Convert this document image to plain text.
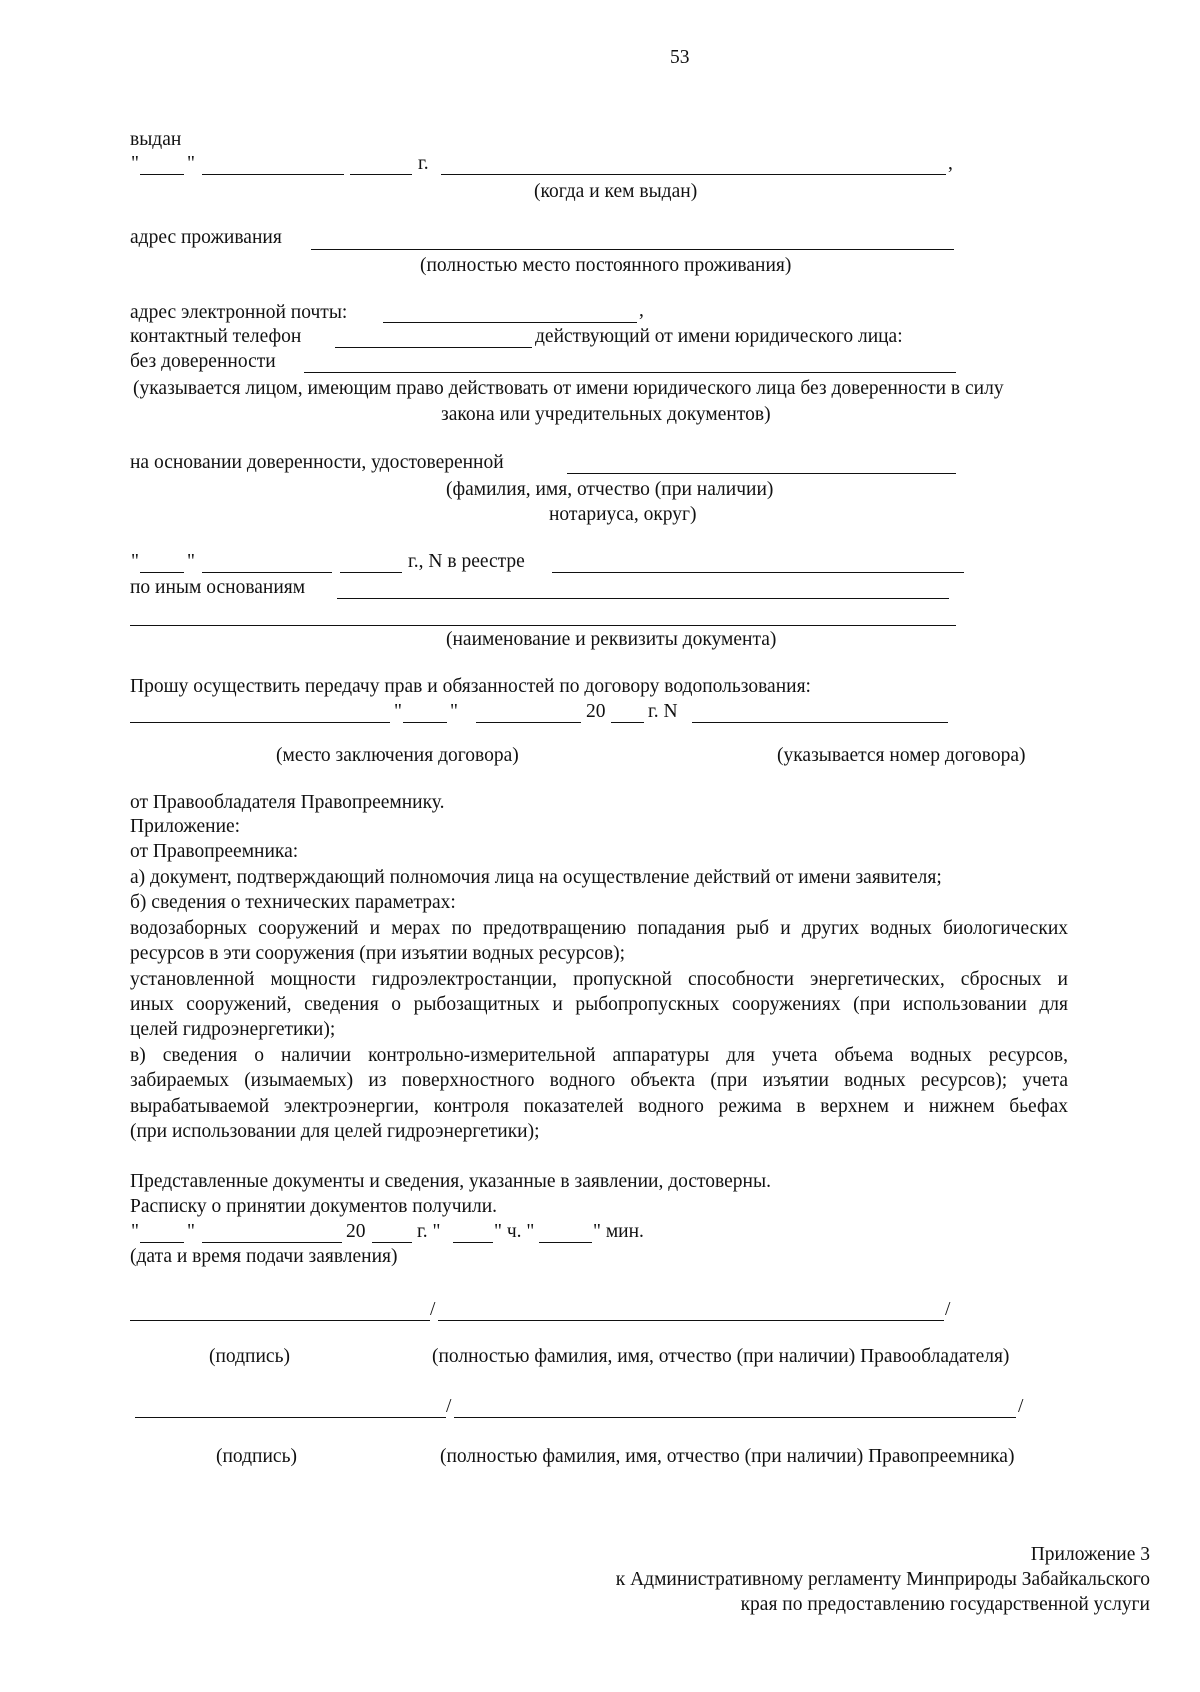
53
выдан
" "	г.	,
(когда и кем выдан)
адрес проживания
(полностью место постоянного проживания)
адрес электронной почты:	,
контактный телефон	действующий от имени юридического лица:
без доверенности
(указывается лицом, имеющим право действовать от имени юридического лица без доверенности в силу
закона или учредительных документов)
на основании доверенности, удостоверенной
(фамилия, имя, отчество (при наличии)
нотариуса, округ)
" "	г., N в реестре
по иным основаниям
(наименование и реквизиты документа)
Прошу осуществить передачу прав и обязанностей по договору водопользования:
" "	20 г. N
(место заключения договора)	(указывается номер договора)
от Правообладателя Правопреемнику.
Приложение:
от Правопреемника:
а) документ, подтверждающий полномочия лица на осуществление действий от имени заявителя;
б) сведения о технических параметрах:
водозаборных сооружений и мерах по предотвращению попадания рыб и других водных биологических
ресурсов в эти сооружения (при изъятии водных ресурсов);
установленной мощности гидроэлектростанции, пропускной способности энергетических, сбросных и
иных сооружений, сведения о рыбозащитных и рыбопропускных сооружениях (при использовании для
целей гидроэнергетики);
в) сведения о наличии контрольно-измерительной аппаратуры для учета объема водных ресурсов,
забираемых (изымаемых) из поверхностного водного объекта (при изъятии водных ресурсов); учета
вырабатываемой электроэнергии, контроля показателей водного режима в верхнем и нижнем бьефах
(при использовании для целей гидроэнергетики);
Представленные документы и сведения, указанные в заявлении, достоверны.
Расписку о принятии документов получили.
" "	20	г. "	" ч. "	" мин.
(дата и время подачи заявления)
/	/
(подпись)	(полностью фамилия, имя, отчество (при наличии) Правообладателя)
/	/
(подпись)	(полностью фамилия, имя, отчество (при наличии) Правопреемника)
Приложение 3
к Административному регламенту Минприроды Забайкальского
края по предоставлению государственной услуги
